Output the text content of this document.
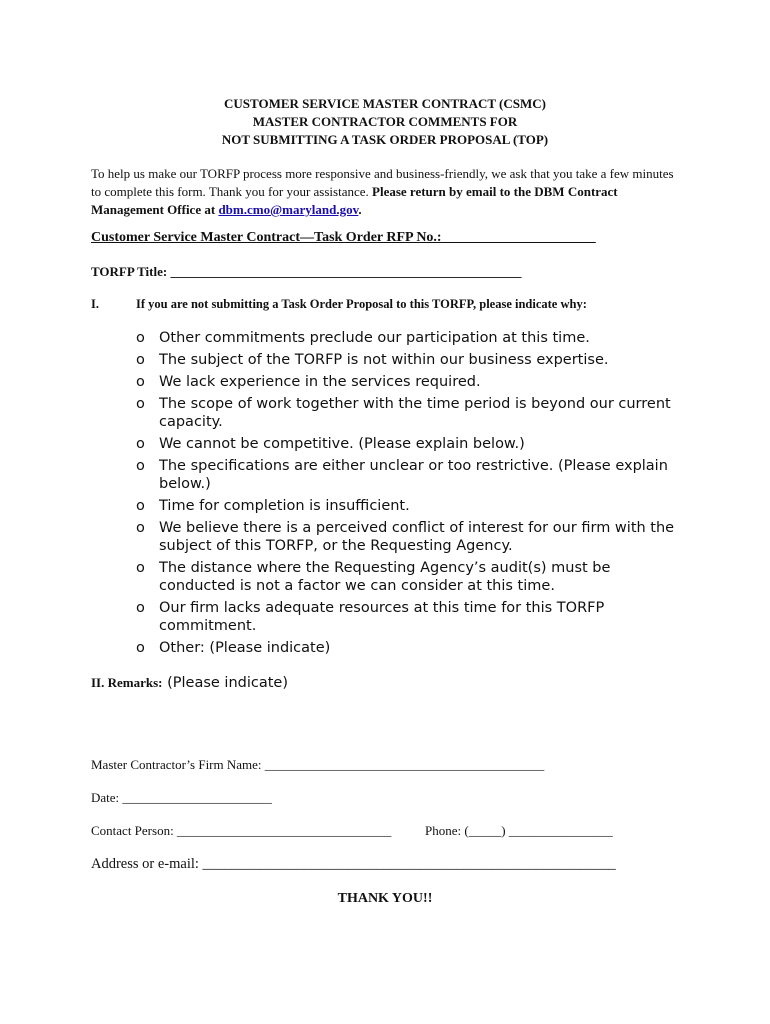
CUSTOMER SERVICE MASTER CONTRACT (CSMC)
MASTER CONTRACTOR COMMENTS FOR
NOT SUBMITTING A TASK ORDER PROPOSAL (TOP)
To help us make our TORFP process more responsive and business-friendly, we ask that you take a few minutes to complete this form. Thank you for your assistance. Please return by email to the DBM Contract Management Office at dbm.cmo@maryland.gov.
Customer Service Master Contract—Task Order RFP No.:______________________
TORFP Title: ______________________________________________________
I.	If you are not submitting a Task Order Proposal to this TORFP, please indicate why:
o Other commitments preclude our participation at this time.
o The subject of the TORFP is not within our business expertise.
o We lack experience in the services required.
o The scope of work together with the time period is beyond our current capacity.
o We cannot be competitive. (Please explain below.)
o The specifications are either unclear or too restrictive. (Please explain below.)
o Time for completion is insufficient.
o We believe there is a perceived conflict of interest for our firm with the subject of this TORFP, or the Requesting Agency.
o The distance where the Requesting Agency’s audit(s) must be conducted is not a factor we can consider at this time.
o Our firm lacks adequate resources at this time for this TORFP commitment.
o Other: (Please indicate)
II. Remarks: (Please indicate)
Master Contractor’s Firm Name: ___________________________________________
Date: _______________________
Contact Person: _________________________________	Phone: (_____) ________________
Address or e-mail: _________________________________________________________
THANK YOU!!
